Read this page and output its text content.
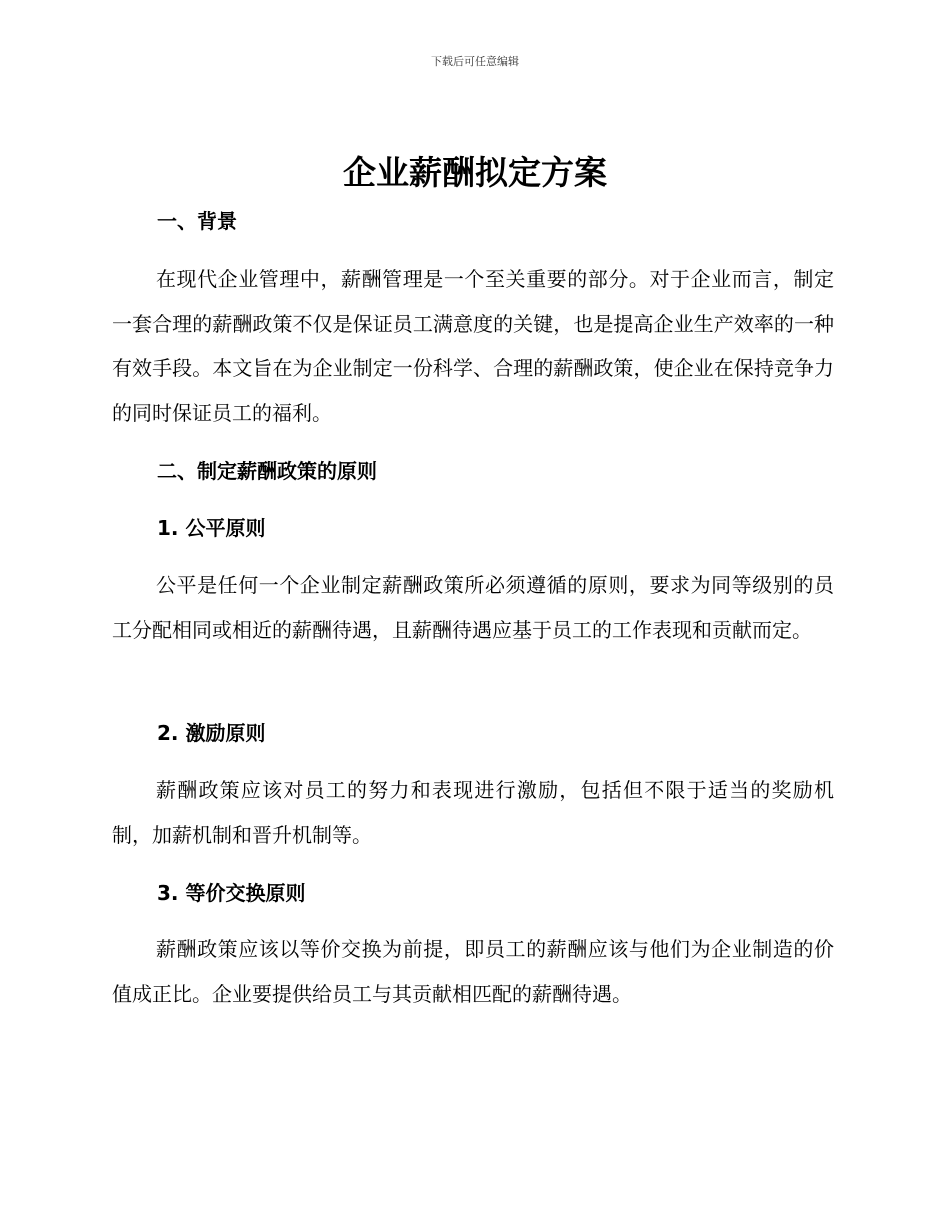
下载后可任意编辑
企业薪酬拟定方案
一、背景
在现代企业管理中，薪酬管理是一个至关重要的部分。对于企业而言，制定一套合理的薪酬政策不仅是保证员工满意度的关键，也是提高企业生产效率的一种有效手段。本文旨在为企业制定一份科学、合理的薪酬政策，使企业在保持竞争力的同时保证员工的福利。
二、制定薪酬政策的原则
1. 公平原则
公平是任何一个企业制定薪酬政策所必须遵循的原则，要求为同等级别的员工分配相同或相近的薪酬待遇，且薪酬待遇应基于员工的工作表现和贡献而定。
2. 激励原则
薪酬政策应该对员工的努力和表现进行激励，包括但不限于适当的奖励机制，加薪机制和晋升机制等。
3. 等价交换原则
薪酬政策应该以等价交换为前提，即员工的薪酬应该与他们为企业制造的价值成正比。企业要提供给员工与其贡献相匹配的薪酬待遇。
